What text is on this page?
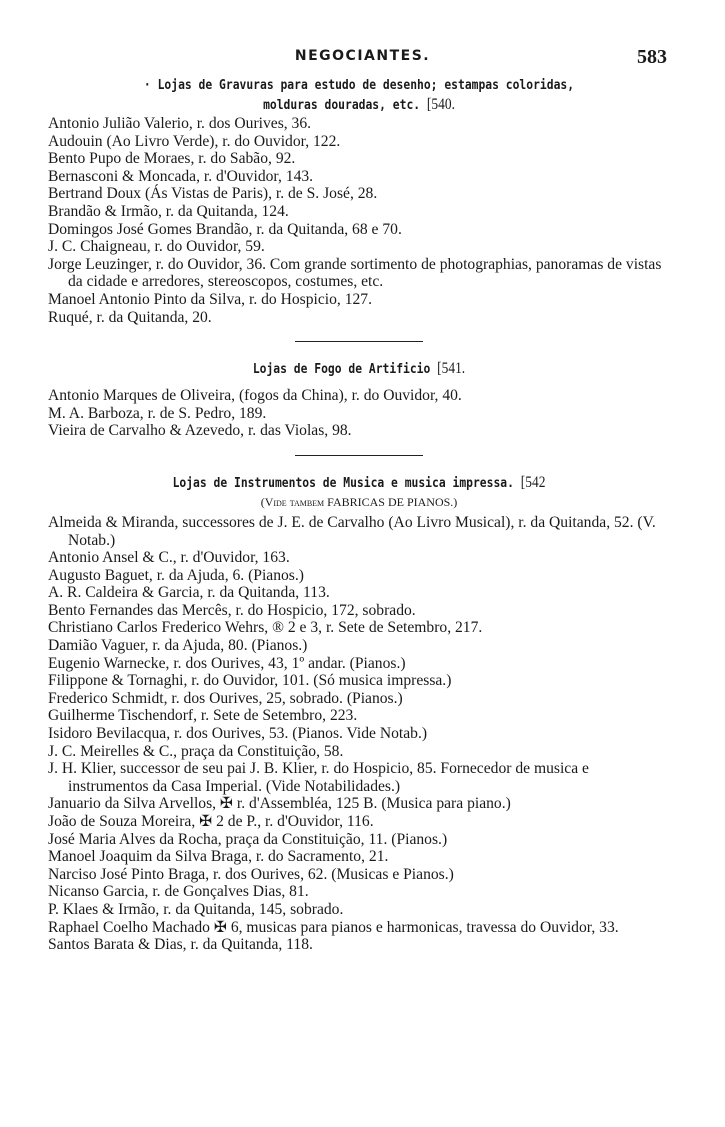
NEGOCIANTES.	583
· Lojas de Gravuras para estudo de desenho; estampas coloridas,
molduras douradas, etc. [540.
Antonio Julião Valerio, r. dos Ourives, 36.
Audouin (Ao Livro Verde), r. do Ouvidor, 122.
Bento Pupo de Moraes, r. do Sabão, 92.
Bernasconi & Moncada, r. d'Ouvidor, 143.
Bertrand Doux (Ás Vistas de Paris), r. de S. José, 28.
Brandão & Irmão, r. da Quitanda, 124.
Domingos José Gomes Brandão, r. da Quitanda, 68 e 70.
J. C. Chaigneau, r. do Ouvidor, 59.
Jorge Leuzinger, r. do Ouvidor, 36. Com grande sortimento de photographias, panoramas de vistas da cidade e arredores, stereoscopos, costumes, etc.
Manoel Antonio Pinto da Silva, r. do Hospicio, 127.
Ruqué, r. da Quitanda, 20.
Lojas de Fogo de Artificio [541.
Antonio Marques de Oliveira, (fogos da China), r. do Ouvidor, 40.
M. A. Barboza, r. de S. Pedro, 189.
Vieira de Carvalho & Azevedo, r. das Violas, 98.
Lojas de Instrumentos de Musica e musica impressa. [542
(Vide tambem FABRICAS DE PIANOS.)
Almeida & Miranda, successores de J. E. de Carvalho (Ao Livro Musical), r. da Quitanda, 52. (V. Notab.)
Antonio Ansel & C., r. d'Ouvidor, 163.
Augusto Baguet, r. da Ajuda, 6. (Pianos.)
A. R. Caldeira & Garcia, r. da Quitanda, 113.
Bento Fernandes das Mercês, r. do Hospicio, 172, sobrado.
Christiano Carlos Frederico Wehrs, ® 2 e 3, r. Sete de Setembro, 217.
Damião Vaguer, r. da Ajuda, 80. (Pianos.)
Eugenio Warnecke, r. dos Ourives, 43, 1º andar. (Pianos.)
Filippone & Tornaghi, r. do Ouvidor, 101. (Só musica impressa.)
Frederico Schmidt, r. dos Ourives, 25, sobrado. (Pianos.)
Guilherme Tischendorf, r. Sete de Setembro, 223.
Isidoro Bevilacqua, r. dos Ourives, 53. (Pianos. Vide Notab.)
J. C. Meirelles & C., praça da Constituição, 58.
J. H. Klier, successor de seu pai J. B. Klier, r. do Hospicio, 85. Fornecedor de musica e instrumentos da Casa Imperial. (Vide Notabilidades.)
Januario da Silva Arvellos, ✠ r. d'Assembléa, 125 B. (Musica para piano.)
João de Souza Moreira, ✠ 2 de P., r. d'Ouvidor, 116.
José Maria Alves da Rocha, praça da Constituição, 11. (Pianos.)
Manoel Joaquim da Silva Braga, r. do Sacramento, 21.
Narciso José Pinto Braga, r. dos Ourives, 62. (Musicas e Pianos.)
Nicanso Garcia, r. de Gonçalves Dias, 81.
P. Klaes & Irmão, r. da Quitanda, 145, sobrado.
Raphael Coelho Machado ✠ 6, musicas para pianos e harmonicas, travessa do Ouvidor, 33.
Santos Barata & Dias, r. da Quitanda, 118.
